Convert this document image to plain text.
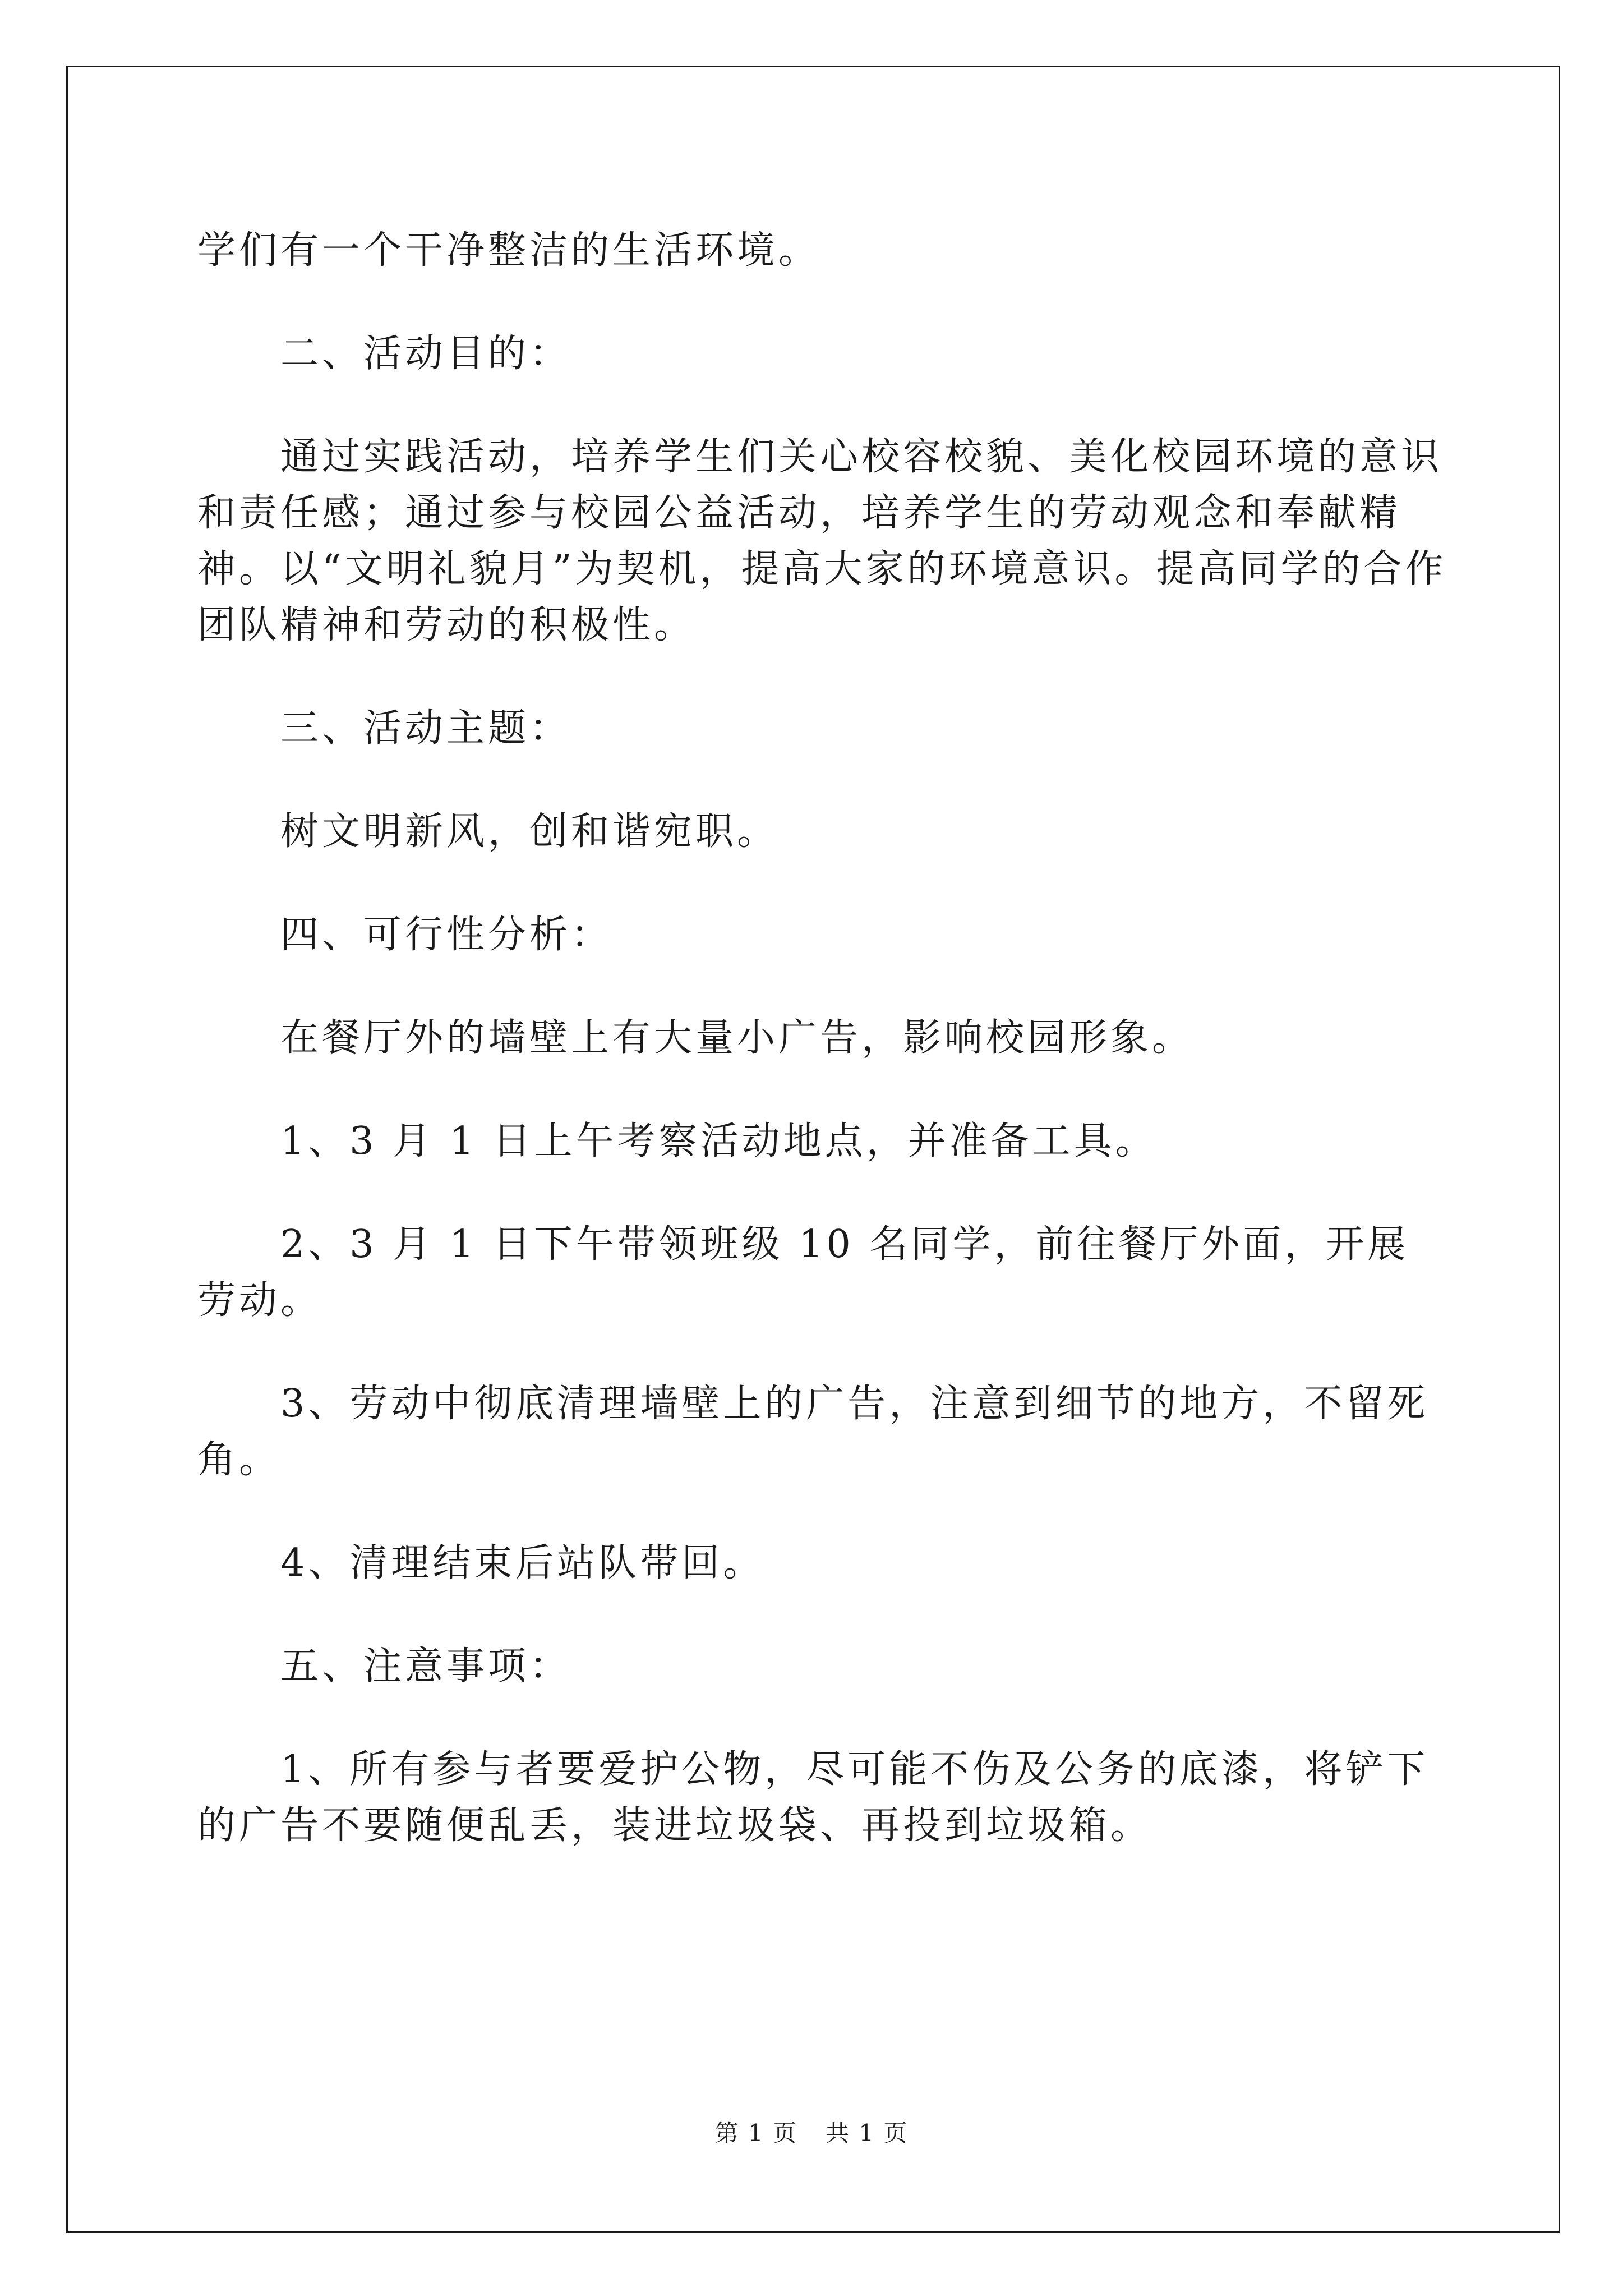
学们有一个干净整洁的生活环境。

二、活动目的：

通过实践活动，培养学生们关心校容校貌、美化校园环境的意识和责任感；通过参与校园公益活动，培养学生的劳动观念和奉献精神。以“文明礼貌月”为契机，提高大家的环境意识。提高同学的合作团队精神和劳动的积极性。

三、活动主题：

树文明新风，创和谐宛职。

四、可行性分析：

在餐厅外的墙壁上有大量小广告，影响校园形象。

1、3 月 1 日上午考察活动地点，并准备工具。

2、3 月 1 日下午带领班级 10 名同学，前往餐厅外面，开展劳动。

3、劳动中彻底清理墙壁上的广告，注意到细节的地方，不留死角。

4、清理结束后站队带回。

五、注意事项：

1、所有参与者要爱护公物，尽可能不伤及公务的底漆，将铲下的广告不要随便乱丢，装进垃圾袋、再投到垃圾箱。

第 1 页 共 1 页
